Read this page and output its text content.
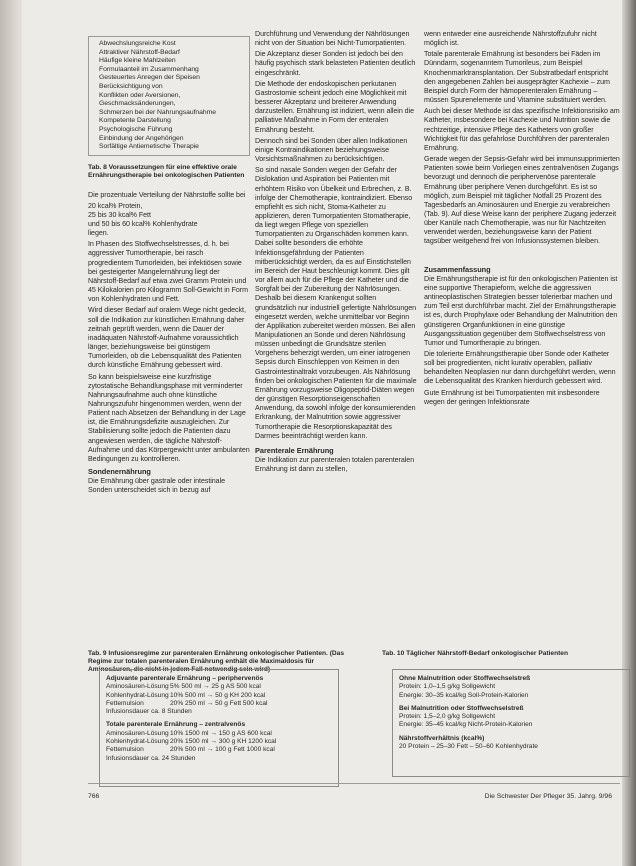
Abwechslungsreiche Kost
Attraktiver Nährstoff-Bedarf
Häufige kleine Mahlzeiten
Formulaanteil im Zusammenhang
Gesteuertes Anregen der Speisen
Berücksichtigung von
Konflikten oder Aversionen,
Geschmacksänderungen,
Schmerzen bei der Nahrungsaufnahme
Kompetente Darstellung
Psychologische Führung
Einbindung der Angehörigen
Sorfältige Antiemetische Therapie
Tab. 8 Voraussetzungen für eine effektive orale Ernährungstherapie bei onkologischen Patienten

Die prozentuale Verteilung der Nährstoffe sollte bei

20 kcal% Protein,

25 bis 30 kcal% Fett

und 50 bis 60 kcal% Kohlenhydrate

liegen.

In Phasen des Stoffwechselstresses, d. h. bei aggressiver Tumortherapie, bei rasch progredientem Tumorleiden, bei infektiösen sowie bei gesteigerter Mangelernährung liegt der Nährstoff-Bedarf auf etwa zwei Gramm Protein und 45 Kilokalorien pro Kilogramm Soll-Gewicht in Form von Kohlenhydraten und Fett.

Wird dieser Bedarf auf oralem Wege nicht gedeckt, soll die Indikation zur künstlichen Ernährung daher zeitnah geprüft werden, wenn die Dauer der inadäquaten Nährstoff-Aufnahme voraussichtlich länger, beziehungsweise bei günstigem Tumorleiden, ob die Lebensqualität des Patienten durch künstliche Ernährung gebessert wird.

So kann beispielsweise eine kurzfristige zytostatische Behandlungsphase mit verminderter Nahrungsaufnahme auch ohne künstliche Nahrungszufuhr hingenommen werden, wenn der Patient nach Absetzen der Behandlung in der Lage ist, die Ernährungsdefizite auszugleichen. Zur Stabilisierung sollte jedoch die Patienten dazu angewiesen werden, die tägliche Nährstoff-Aufnahme und das Körpergewicht unter ambulanten Bedingungen zu kontrollieren.

Sondenernährung

Die Ernährung über gastrale oder intestinale Sonden unterscheidet sich in bezug auf

Durchführung und Verwendung der Nährlösungen nicht von der Situation bei Nicht-Tumorpatienten.

Die Akzeptanz dieser Sonden ist jedoch bei den häufig psychisch stark belasteten Patienten deutlich eingeschränkt.

Die Methode der endoskopischen perkutanen Gastrostomie scheint jedoch eine Möglichkeit mit besserer Akzeptanz und breiterer Anwendung darzustellen. Ernährung ist indiziert, wenn allein die palliative Maßnahme in Form der enteralen Ernährung besteht.

Dennoch sind bei Sonden über allen Indikationen einige Kontraindikationen beziehungsweise Vorsichtsmaßnahmen zu berücksichtigen.

So sind nasale Sonden wegen der Gefahr der Dislokation und Aspiration bei Patienten mit erhöhtem Risiko von Übelkeit und Erbrechen, z. B. infolge der Chemotherapie, kontraindiziert. Ebenso empfiehlt es sich nicht, Stoma-Katheter zu applizieren, deren Tumorpatienten Stomatherapie, da liegt wegen Pflege von speziellen Tumorpatienten zu Organschäden kommen kann. Dabei sollte besonders die erhöhte Infektionsgefährdung der Patienten mitberücksichtigt werden, da es auf Einstichstellen im Bereich der Haut beschleunigt kommt. Dies gilt vor allem auch für die Pflege der Katheter und die Sorgfalt bei der Zubereitung der Nährlösungen. Deshalb bei diesem Krankengut sollten grundsätzlich nur industriell gefertigte Nährlösungen eingesetzt werden, welche unmittelbar vor Beginn der Applikation zubereitet werden müssen. Bei allen Manipulationen an Sonde und deren Nährlösung müssen unbedingt die Grundsätze sterilen Vorgehens beherzigt werden, um einer iatrogenen Sepsis durch Einschleppen von Keimen in den Gastrointestinaltrakt vorzubeugen. Als Nährlösung finden bei onkologischen Patienten für die maximale Ernährung vorzugsweise Oligopeptid-Diäten wegen der günstigen Resorptionseigenschaften Anwendung, da sowohl infolge der konsumierenden Erkrankung, der Malnutrition sowie aggressiver Tumortherapie die Resorptionskapazität des Darmes beeinträchtigt werden kann.

Parenterale Ernährung

Die Indikation zur parenteralen totalen parenteralen Ernährung ist dann zu stellen,

wenn entweder eine ausreichende Nährstoffzufuhr nicht möglich ist.

Totale parenterale Ernährung ist besonders bei Fäden im Dünndarm, sogenanntem Tumorileus, zum Beispiel Knochenmarktransplantation. Der Substratbedarf entspricht den angegebenen Zahlen bei ausgeprägter Kachexie – zum Beispiel durch Form der hämoperenteralen Ernährung – müssen Spurenelemente und Vitamine substituiert werden.

Auch bei dieser Methode ist das spezifische Infektionsrisiko am Katheter, insbesondere bei Kachexie und Nutrition sowie die rechtzeitige, intensive Pflege des Katheters von großer Wichtigkeit für das gefahrlose Durchführen der parenteralen Ernährung.

Gerade wegen der Sepsis-Gefahr wird bei immunsupprimierten Patienten sowie beim Vorliegen eines zentralvenösen Zugangs bevorzugt und dennoch die periphervenöse parenterale Ernährung über periphere Venen durchgeführt. Es ist so möglich, zum Beispiel mit täglicher Notfall 25 Prozent des Tagesbedarfs an Aminosäuren und Energie zu verabreichen (Tab. 9). Auf diese Weise kann der periphere Zugang jederzeit über Kanüle nach Chemotherapie, was nur für Nachtzeiten verwendet werden, beziehungsweise kann der Patient tagsüber weitgehend frei von Infusionssystemen bleiben.

Zusammenfassung

Die Ernährungstherapie ist für den onkologischen Patienten ist eine supportive Therapieform, welche die aggressiven antineoplastischen Strategien besser tolerierbar machen und zum Teil erst durchführbar macht. Ziel der Ernährungstherapie ist es, durch Prophylaxe oder Behandlung der Malnutrition den günstigeren Organfunktionen in eine günstige Ausgangssituation gegenüber dem Stoffwechselstress von Tumor und Tumortherapie zu bringen.

Die tolerierte Ernährungstherapie über Sonde oder Katheter soll bei progredienten, nicht kurativ operablen, palliativ behandelten Neoplasien nur dann durchgeführt werden, wenn die Lebensqualität des Kranken hierdurch gebessert wird.

Gute Ernährung ist bei Tumorpatienten mit insbesondere wegen der geringen Infektionsrate

Tab. 9 Infusionsregime zur parenteralen Ernährung onkologischer Patienten. (Das Regime zur totalen parenteralen Ernährung enthält die Maximaldosis für Aminosäuren, die nicht in jedem Fall notwendig sein wird)
Adjuvante parenterale Ernährung – periphervenös
Aminosäuren-Lösung 5% 500 ml → 25 g AS 500 kcal
Kohlenhydrat-Lösung 10% 500 ml → 50 g KH 200 kcal
Fettemulsion	20% 250 ml → 50 g Fett 500 kcal
Infusionsdauer ca. 8 Stunden
Totale parenterale Ernährung – zentralvenös
Aminosäuren-Lösung 10% 1500 ml → 150 g AS 600 kcal
Kohlenhydrat-Lösung 20% 1500 ml → 300 g KH 1200 kcal
Fettemulsion	20% 500 ml → 100 g Fett 1000 kcal
Infusionsdauer ca. 24 Stunden
Tab. 10 Täglicher Nährstoff-Bedarf onkologischer Patienten
Ohne Malnutrition oder Stoffwechselstreß
Protein: 1,0–1,5 g/kg Sollgewicht
Energie: 30–35 kcal/kg Soll-Protein-Kalorien
Bei Malnutrition oder Stoffwechselstreß
Protein: 1,5–2,0 g/kg Sollgewicht
Energie: 35–45 kcal/kg Nicht-Protein-Kalorien
Nährstoffverhältnis (kcal%)
20 Protein – 25–30 Fett – 50–60 Kohlenhydrate
766	Die Schwester Der Pfleger 35. Jahrg. 9/96
